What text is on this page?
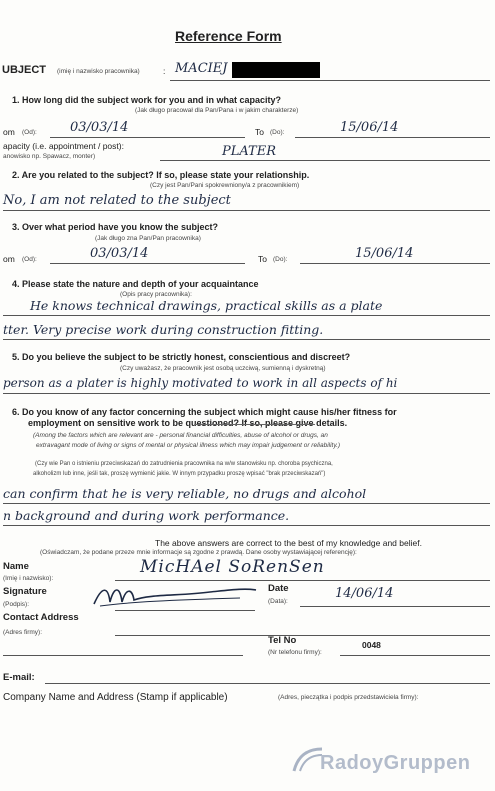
Reference Form
UBJECT (imię i nazwisko pracownika)	: MACIEJ
1. How long did the subject work for you and in what capacity?
(Jak długo pracował dla Pan/Pana i w jakim charakterze)
om (Od):	03/03/14	To (Do):	15/06/14
apacity (i.e. appointment / post):
anowisko np. Spawacz, monter)	PLATER
2. Are you related to the subject? If so, please state your relationship.
(Czy jest Pan/Pani spokrewniony/a z pracownikiem)
No, I am not related to the subject
3. Over what period have you know the subject?
(Jak długo zna Pan/Pan pracownika)
om (Od):	03/03/14	To (Do):	15/06/14
4. Please state the nature and depth of your acquaintance
(Opis pracy pracownika):
He knows technical drawings, practical skills as a plate
tter. Very precise work during construction fitting.
5. Do you believe the subject to be strictly honest, conscientious and discreet?
(Czy uważasz, że pracownik jest osobą uczciwą, sumienną i dyskretną)
person as a plater is highly motivated to work in all aspects of hi
6. Do you know of any factor concerning the subject which might cause his/her fitness for
employment on sensitive work to be questioned? If so, please give details.
(Among the factors which are relevant are - personal financial difficulties, abuse of alcohol or drugs, an
extravagant mode of living or signs of mental or physical illness which may impair judgement or reliability.)
(Czy wie Pan o istnieniu przeciwskazań do zatrudnienia pracownika na w/w stanowisku np. choroba psychiczna,
alkoholizm lub inne, jeśli tak, proszę wymienić jakie. W innym przypadku proszę wpisać "brak przeciwskazań")
can confirm that he is very reliable, no drugs and alcohol
n background and during work performance.
The above answers are correct to the best of my knowledge and belief.
(Oświadczam, że podane przeze mnie informacje są zgodne z prawdą. Dane osoby wystawiającej referencję):
Name
(Imię i nazwisko):
MicHAel SoRenSen
Signature
(Podpis):
Date
(Data):
14/06/14
Contact Address
(Adres firmy):
Tel No
(Nr telefonu firmy):
0048
E-mail:
Company Name and Address (Stamp if applicable)	(Adres, pieczątka i podpis przedstawiciela firmy):
RadoyGruppen
